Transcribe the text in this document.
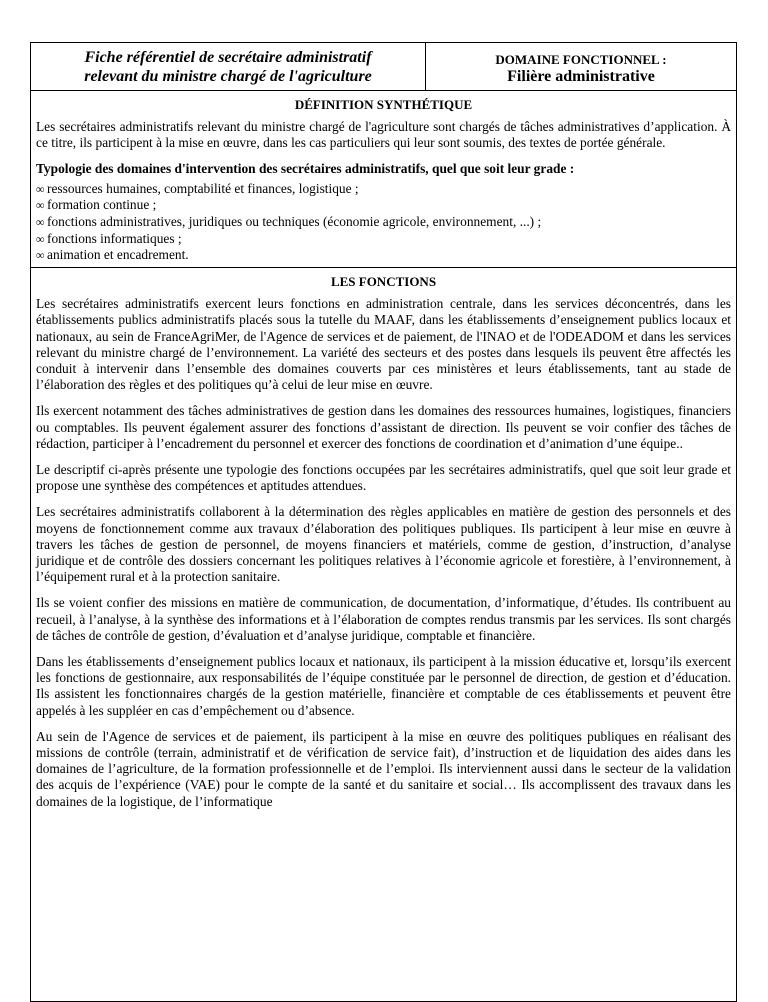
Fiche référentiel de secrétaire administratif
relevant du ministre chargé de l'agriculture
DOMAINE FONCTIONNEL :
Filière administrative
DÉFINITION SYNTHÉTIQUE

Les secrétaires administratifs relevant du ministre chargé de l'agriculture sont chargés de tâches administratives d’application. À ce titre, ils participent à la mise en œuvre, dans les cas particuliers qui leur sont soumis, des textes de portée générale.

Typologie des domaines d'intervention des secrétaires administratifs, quel que soit leur grade :

∞ ressources humaines, comptabilité et finances, logistique ;
∞ formation continue ;
∞ fonctions administratives, juridiques ou techniques (économie agricole, environnement, ...) ;
∞ fonctions informatiques ;
∞ animation et encadrement.
LES FONCTIONS

Les secrétaires administratifs exercent leurs fonctions en administration centrale, dans les services déconcentrés, dans les établissements publics administratifs placés sous la tutelle du MAAF, dans les établissements d’enseignement publics locaux et nationaux, au sein de FranceAgriMer, de l'Agence de services et de paiement, de l'INAO et de l'ODEADOM et dans les services relevant du ministre chargé de l’environnement. La variété des secteurs et des postes dans lesquels ils peuvent être affectés les conduit à intervenir dans l’ensemble des domaines couverts par ces ministères et leurs établissements, tant au stade de l’élaboration des règles et des politiques qu’à celui de leur mise en œuvre.

Ils exercent notamment des tâches administratives de gestion dans les domaines des ressources humaines, logistiques, financiers ou comptables. Ils peuvent également assurer des fonctions d’assistant de direction. Ils peuvent se voir confier des tâches de rédaction, participer à l’encadrement du personnel et exercer des fonctions de coordination et d’animation d’une équipe..

Le descriptif ci-après présente une typologie des fonctions occupées par les secrétaires administratifs, quel que soit leur grade et propose une synthèse des compétences et aptitudes attendues.

Les secrétaires administratifs collaborent à la détermination des règles applicables en matière de gestion des personnels et des moyens de fonctionnement comme aux travaux d’élaboration des politiques publiques. Ils participent à leur mise en œuvre à travers les tâches de gestion de personnel, de moyens financiers et matériels, comme de gestion, d’instruction, d’analyse juridique et de contrôle des dossiers concernant les politiques relatives à l’économie agricole et forestière, à l’environnement, à l’équipement rural et à la protection sanitaire.

Ils se voient confier des missions en matière de communication, de documentation, d’informatique, d’études. Ils contribuent au recueil, à l’analyse, à la synthèse des informations et à l’élaboration de comptes rendus transmis par les services. Ils sont chargés de tâches de contrôle de gestion, d’évaluation et d’analyse juridique, comptable et financière.

Dans les établissements d’enseignement publics locaux et nationaux, ils participent à la mission éducative et, lorsqu’ils exercent les fonctions de gestionnaire, aux responsabilités de l’équipe constituée par le personnel de direction, de gestion et d’éducation. Ils assistent les fonctionnaires chargés de la gestion matérielle, financière et comptable de ces établissements et peuvent être appelés à les suppléer en cas d’empêchement ou d’absence.

Au sein de l'Agence de services et de paiement, ils participent à la mise en œuvre des politiques publiques en réalisant des missions de contrôle (terrain, administratif et de vérification de service fait), d’instruction et de liquidation des aides dans les domaines de l’agriculture, de la formation professionnelle et de l’emploi. Ils interviennent aussi dans le secteur de la validation des acquis de l’expérience (VAE) pour le compte de la santé et du sanitaire et social… Ils accomplissent des travaux dans les domaines de la logistique, de l’informatique
